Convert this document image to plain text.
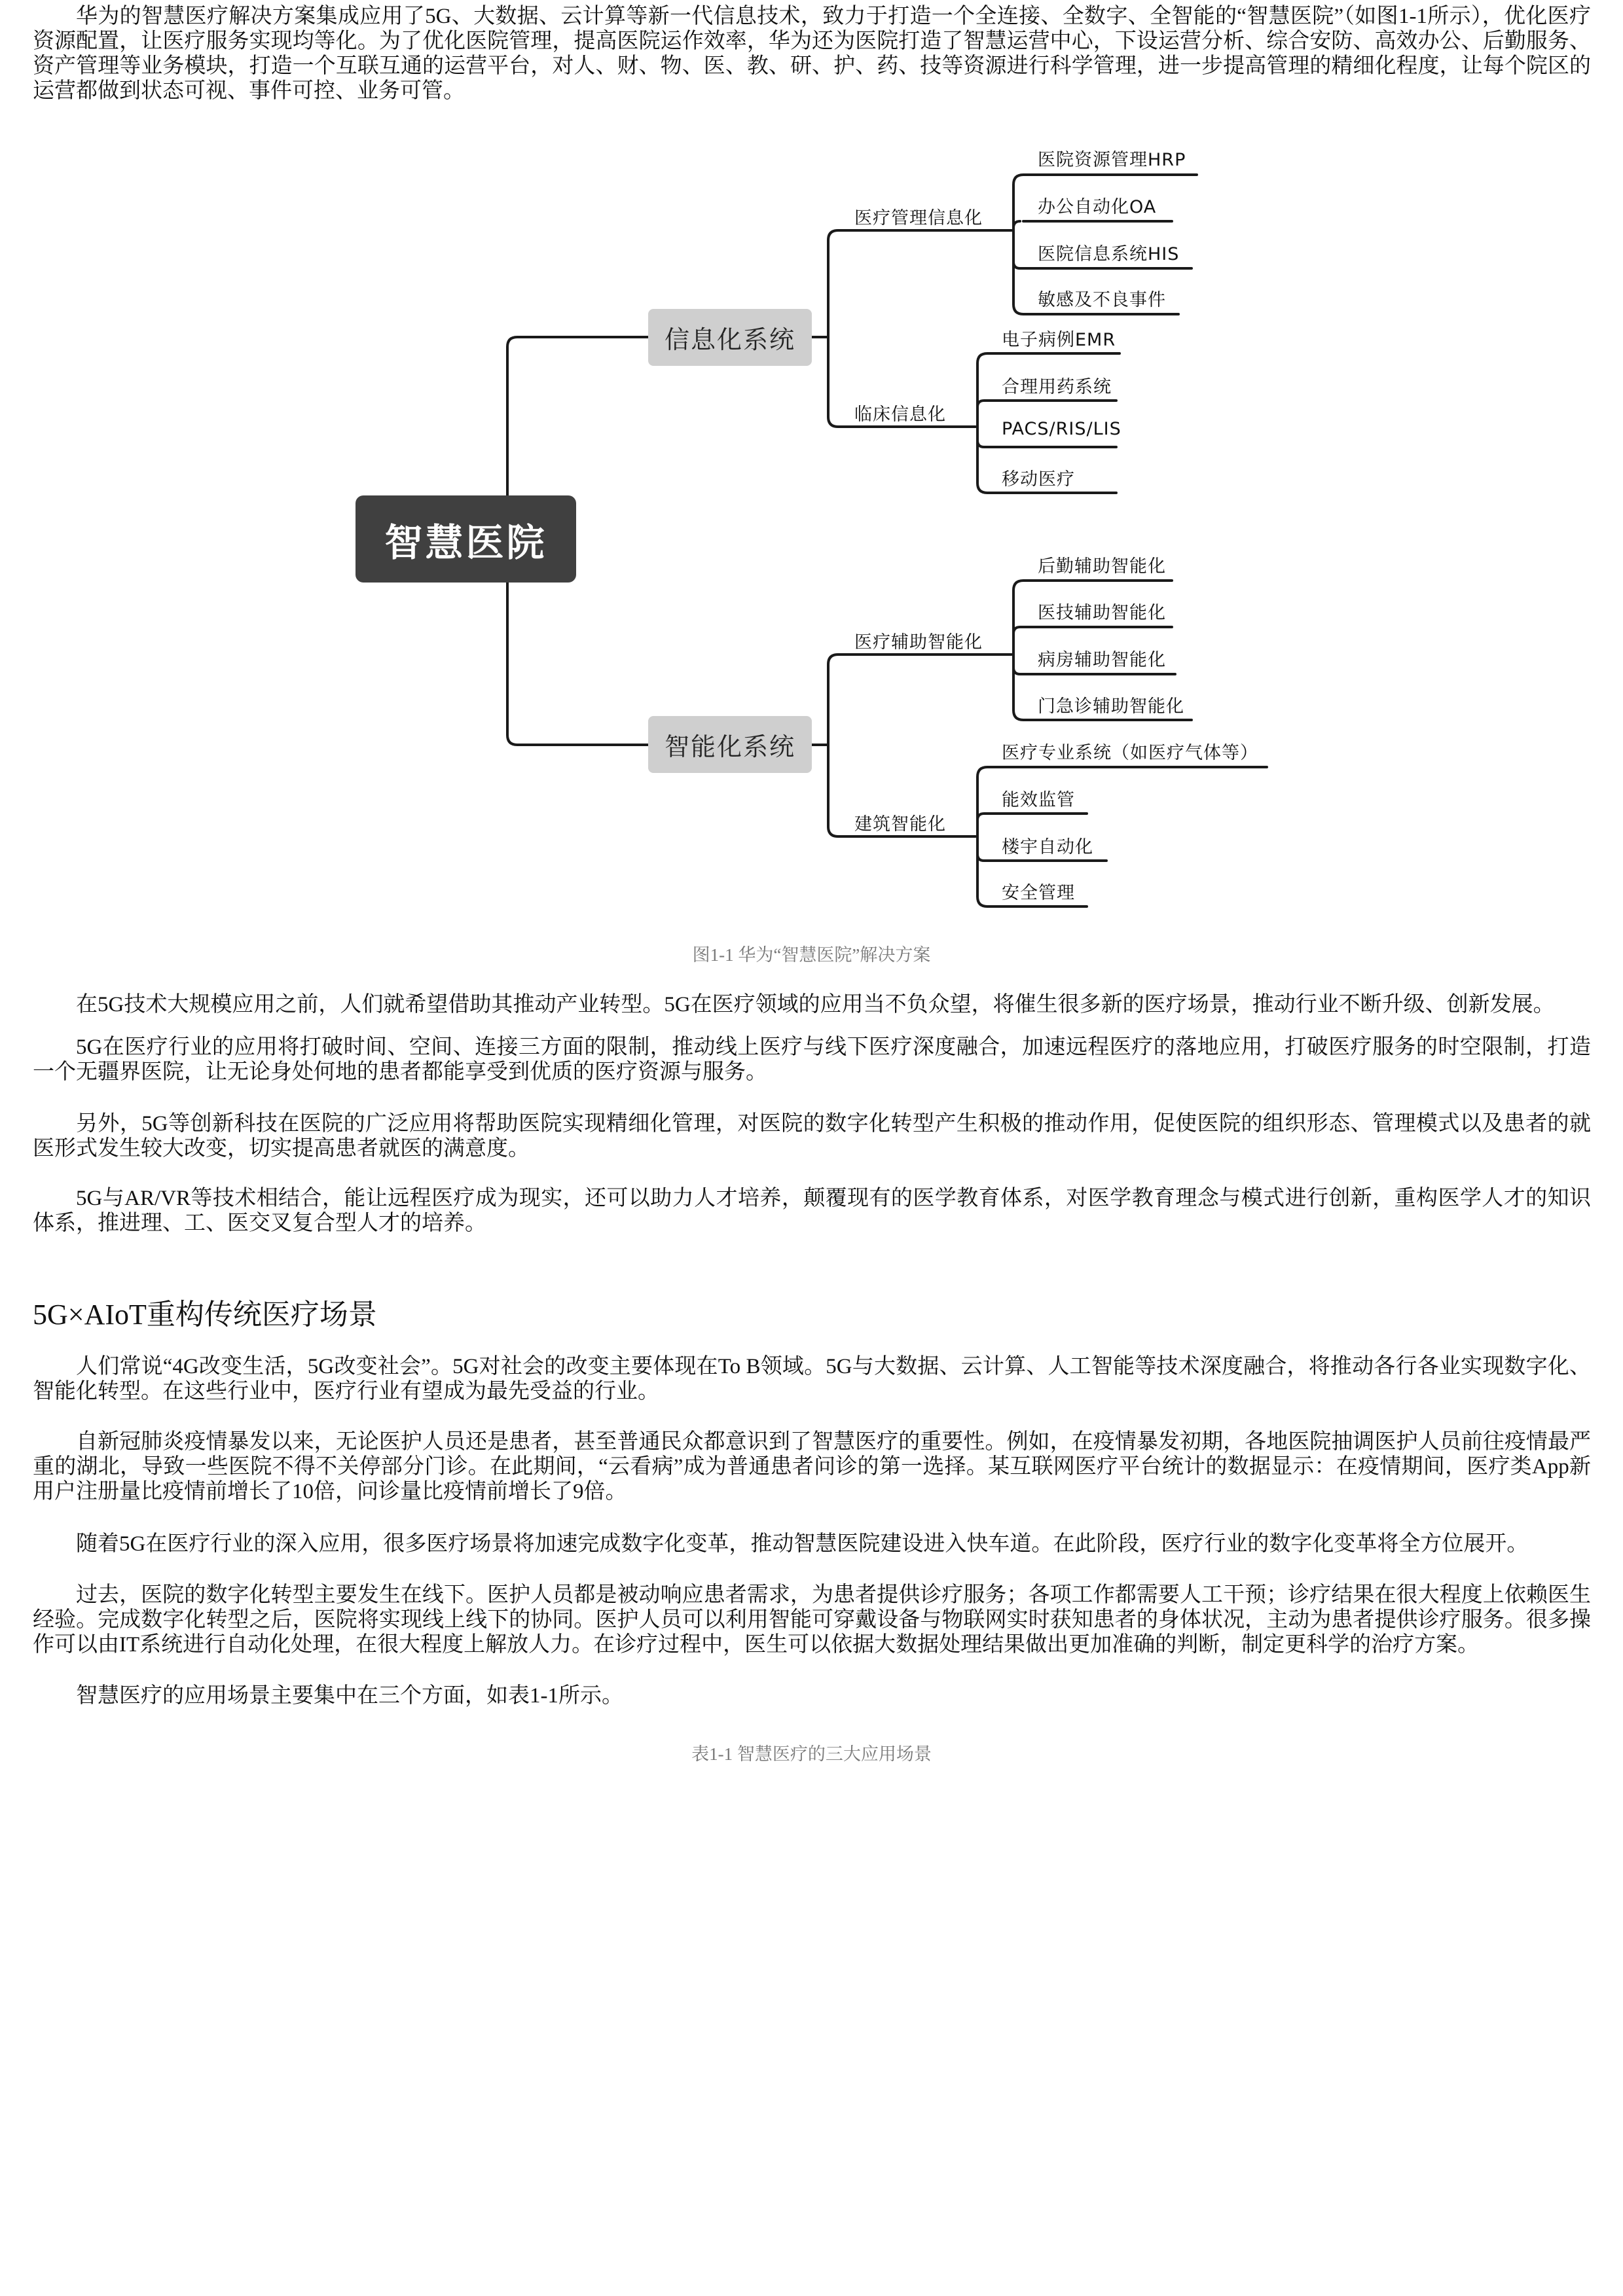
华为的智慧医疗解决方案集成应用了5G、大数据、云计算等新一代信息技术，致力于打造一个全连接、全数字、全智能的“智慧医院”（如图1-1所示），优化医疗资源配置，让医疗服务实现均等化。为了优化医院管理，提高医院运作效率，华为还为医院打造了智慧运营中心，下设运营分析、综合安防、高效办公、后勤服务、资产管理等业务模块，打造一个互联互通的运营平台，对人、财、物、医、教、研、护、药、技等资源进行科学管理，进一步提高管理的精细化程度，让每个院区的运营都做到状态可视、事件可控、业务可管。

智慧医院
信息化系统
智能化系统
医疗管理信息化
临床信息化
医疗辅助智能化
建筑智能化
医院资源管理HRP
办公自动化OA
医院信息系统HIS
敏感及不良事件
电子病例EMR
合理用药系统
PACS/RIS/LIS
移动医疗
后勤辅助智能化
医技辅助智能化
病房辅助智能化
门急诊辅助智能化
医疗专业系统（如医疗气体等）
能效监管
楼宇自动化
安全管理

图1-1 华为“智慧医院”解决方案

在5G技术大规模应用之前，人们就希望借助其推动产业转型。5G在医疗领域的应用当不负众望，将催生很多新的医疗场景，推动行业不断升级、创新发展。

5G在医疗行业的应用将打破时间、空间、连接三方面的限制，推动线上医疗与线下医疗深度融合，加速远程医疗的落地应用，打破医疗服务的时空限制，打造一个无疆界医院，让无论身处何地的患者都能享受到优质的医疗资源与服务。

另外，5G等创新科技在医院的广泛应用将帮助医院实现精细化管理，对医院的数字化转型产生积极的推动作用，促使医院的组织形态、管理模式以及患者的就医形式发生较大改变，切实提高患者就医的满意度。

5G与AR/VR等技术相结合，能让远程医疗成为现实，还可以助力人才培养，颠覆现有的医学教育体系，对医学教育理念与模式进行创新，重构医学人才的知识体系，推进理、工、医交叉复合型人才的培养。

5G×AIoT重构传统医疗场景

人们常说“4G改变生活，5G改变社会”。5G对社会的改变主要体现在To B领域。5G与大数据、云计算、人工智能等技术深度融合，将推动各行各业实现数字化、智能化转型。在这些行业中，医疗行业有望成为最先受益的行业。

自新冠肺炎疫情暴发以来，无论医护人员还是患者，甚至普通民众都意识到了智慧医疗的重要性。例如，在疫情暴发初期，各地医院抽调医护人员前往疫情最严重的湖北，导致一些医院不得不关停部分门诊。在此期间，“云看病”成为普通患者问诊的第一选择。某互联网医疗平台统计的数据显示：在疫情期间，医疗类App新用户注册量比疫情前增长了10倍，问诊量比疫情前增长了9倍。

随着5G在医疗行业的深入应用，很多医疗场景将加速完成数字化变革，推动智慧医院建设进入快车道。在此阶段，医疗行业的数字化变革将全方位展开。

过去，医院的数字化转型主要发生在线下。医护人员都是被动响应患者需求，为患者提供诊疗服务；各项工作都需要人工干预；诊疗结果在很大程度上依赖医生经验。完成数字化转型之后，医院将实现线上线下的协同。医护人员可以利用智能可穿戴设备与物联网实时获知患者的身体状况，主动为患者提供诊疗服务。很多操作可以由IT系统进行自动化处理，在很大程度上解放人力。在诊疗过程中，医生可以依据大数据处理结果做出更加准确的判断，制定更科学的治疗方案。

智慧医疗的应用场景主要集中在三个方面，如表1-1所示。

表1-1 智慧医疗的三大应用场景
